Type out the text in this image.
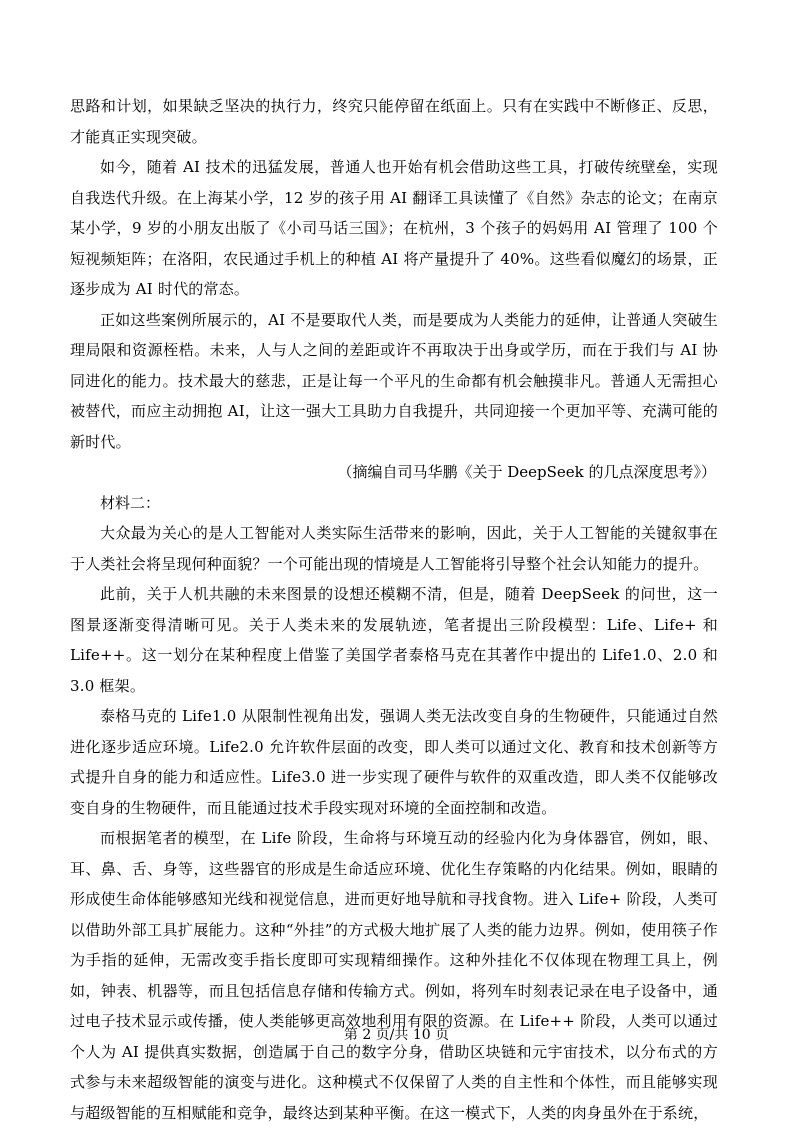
思路和计划，如果缺乏坚决的执行力，终究只能停留在纸面上。只有在实践中不断修正、反思，才能真正实现突破。

如今，随着 AI 技术的迅猛发展，普通人也开始有机会借助这些工具，打破传统壁垒，实现自我迭代升级。在上海某小学，12 岁的孩子用 AI 翻译工具读懂了《自然》杂志的论文；在南京某小学，9 岁的小朋友出版了《小司马话三国》；在杭州，3 个孩子的妈妈用 AI 管理了 100 个短视频矩阵；在洛阳，农民通过手机上的种植 AI 将产量提升了 40%。这些看似魔幻的场景，正逐步成为 AI 时代的常态。

正如这些案例所展示的，AI 不是要取代人类，而是要成为人类能力的延伸，让普通人突破生理局限和资源桎梏。未来，人与人之间的差距或许不再取决于出身或学历，而在于我们与 AI 协同进化的能力。技术最大的慈悲，正是让每一个平凡的生命都有机会触摸非凡。普通人无需担心被替代，而应主动拥抱 AI，让这一强大工具助力自我提升，共同迎接一个更加平等、充满可能的新时代。

（摘编自司马华鹏《关于 DeepSeek 的几点深度思考》）

材料二：

大众最为关心的是人工智能对人类实际生活带来的影响，因此，关于人工智能的关键叙事在于人类社会将呈现何种面貌？一个可能出现的情境是人工智能将引导整个社会认知能力的提升。

此前，关于人机共融的未来图景的设想还模糊不清，但是，随着 DeepSeek 的问世，这一图景逐渐变得清晰可见。关于人类未来的发展轨迹，笔者提出三阶段模型：Life、Life+ 和 Life++。这一划分在某种程度上借鉴了美国学者泰格马克在其著作中提出的 Life1.0、2.0 和 3.0 框架。

泰格马克的 Life1.0 从限制性视角出发，强调人类无法改变自身的生物硬件，只能通过自然进化逐步适应环境。Life2.0 允许软件层面的改变，即人类可以通过文化、教育和技术创新等方式提升自身的能力和适应性。Life3.0 进一步实现了硬件与软件的双重改造，即人类不仅能够改变自身的生物硬件，而且能通过技术手段实现对环境的全面控制和改造。

而根据笔者的模型，在 Life 阶段，生命将与环境互动的经验内化为身体器官，例如，眼、耳、鼻、舌、身等，这些器官的形成是生命适应环境、优化生存策略的内化结果。例如，眼睛的形成使生命体能够感知光线和视觉信息，进而更好地导航和寻找食物。进入 Life+ 阶段，人类可以借助外部工具扩展能力。这种“外挂”的方式极大地扩展了人类的能力边界。例如，使用筷子作为手指的延伸，无需改变手指长度即可实现精细操作。这种外挂化不仅体现在物理工具上，例如，钟表、机器等，而且包括信息存储和传输方式。例如，将列车时刻表记录在电子设备中，通过电子技术显示或传播，使人类能够更高效地利用有限的资源。在 Life++ 阶段，人类可以通过个人为 AI 提供真实数据，创造属于自己的数字分身，借助区块链和元宇宙技术，以分布式的方式参与未来超级智能的演变与进化。这种模式不仅保留了人类的自主性和个体性，而且能够实现与超级智能的互相赋能和竞争，最终达到某种平衡。在这一模式下，人类的肉身虽外在于系统，

第 2 页/共 10 页
